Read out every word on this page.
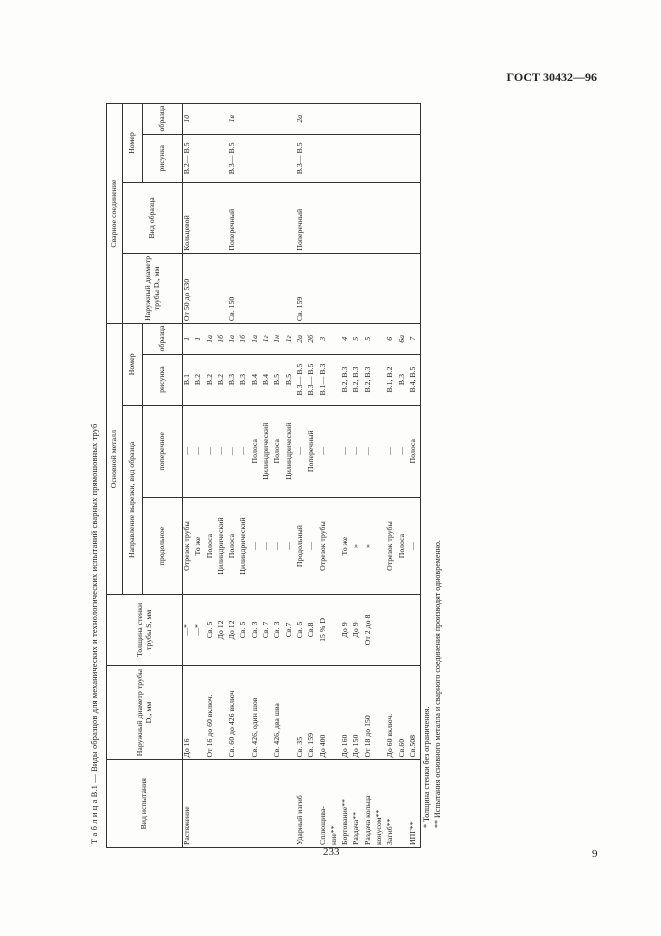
ГОСТ 30432—96
Т а б л и ц а В.1 — Виды образцов для механических и технологических испытаний сварных прямошовных труб	Вид испытания	Наружный диаметр трубы Dₒ, мм	Толщина стенки трубы S, мм	Основной металл				Сварное соединение			
			Направление вырезки, вид образца		Номер		Наружный диаметр трубы Dₒ, мм	Вид образца	Номер	
			продольное	поперечное	рисунка	образца			рисунка	образца
Растяжение	До 16	—*	Отрезок трубы	—	В.1	1	От 50 до 530	Кольцевой	В.2— В.5	10
		—*	То же	—	В.2	1				
	От 16 до 60 включ.	Св. 5	Полоса	—	В.2	1а				
		До 12	Цилиндрический	—	В.2	1б				
	Св. 60 до 426 включ	До 12	Полоса	—	В.3	1а	Св. 150	Поперечный	В.3— В.5	1в
		Св. 5	Цилиндрический	—	В.3	1б				
	Св. 426, один шов	Св. 3	—	Полоса	В.4	1а				
		Св. 7	—	Цилиндрический	В.4	1г				
	Св. 426, два шва	Св. 3	—	Полоса	В.5	1н				
		Св.7	—	Цилиндрический	В.5	1г				
Ударный изгиб	Св. 35	Св. 5	Продольный	—	В.3— В.5	2а	Св. 159	Поперечный	В.3— В.5	2а
	Св. 159	Св.8	—	Поперечный	В.3— В.5	2б				
Сплющива-	До 400	15 % D	Отрезок трубы	—	В.1— В.3	3				
ние**										
Бортование**	До 160	До 9	То же	—	В.2, В.3	4				
Раздача**	До 150	До 9	»	—	В.2, В.3	5				
Раздача кольца	От 18 до 150	От 2 до 8	»	—	В.2, В.3	5				
конусом**										
Загиб**	До 60 включ.		Отрезок трубы	—	В.1, В.2	6				
	Св.60		Полоса	—	В.3	6а				
ИПГ**	Св.508		—	Полоса	В.4, В.5	7				
* Толщина стенки без ограничения. ** Испытания основного металла и сварного соединения производят одновременно.
233	9
